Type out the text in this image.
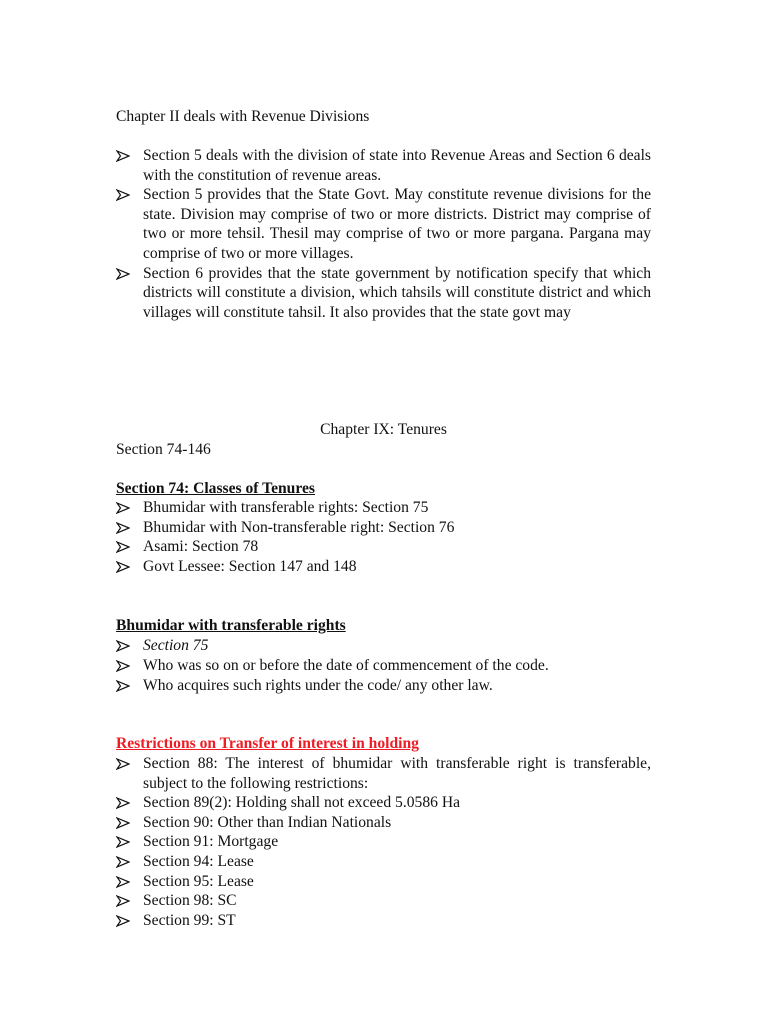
Chapter II deals with Revenue Divisions

Section 5 deals with the division of state into Revenue Areas and Section 6 deals with the constitution of revenue areas.
Section 5 provides that the State Govt. May constitute revenue divisions for the state. Division may comprise of two or more districts. District may comprise of two or more tehsil. Thesil may comprise of two or more pargana. Pargana may comprise of two or more villages.
Section 6 provides that the state government by notification specify that which districts will constitute a division, which tahsils will constitute district and which villages will constitute tahsil. It also provides that the state govt may

Chapter IX: Tenures

Section 74-146

Section 74: Classes of Tenures

Bhumidar with transferable rights: Section 75
Bhumidar with Non-transferable right: Section 76
Asami: Section 78
Govt Lessee: Section 147 and 148

Bhumidar with transferable rights

Section 75
Who was so on or before the date of commencement of the code.
Who acquires such rights under the code/ any other law.

Restrictions on Transfer of interest in holding

Section 88: The interest of bhumidar with transferable right is transferable, subject to the following restrictions:
Section 89(2): Holding shall not exceed 5.0586 Ha
Section 90: Other than Indian Nationals
Section 91: Mortgage
Section 94: Lease
Section 95: Lease
Section 98: SC
Section 99: ST
